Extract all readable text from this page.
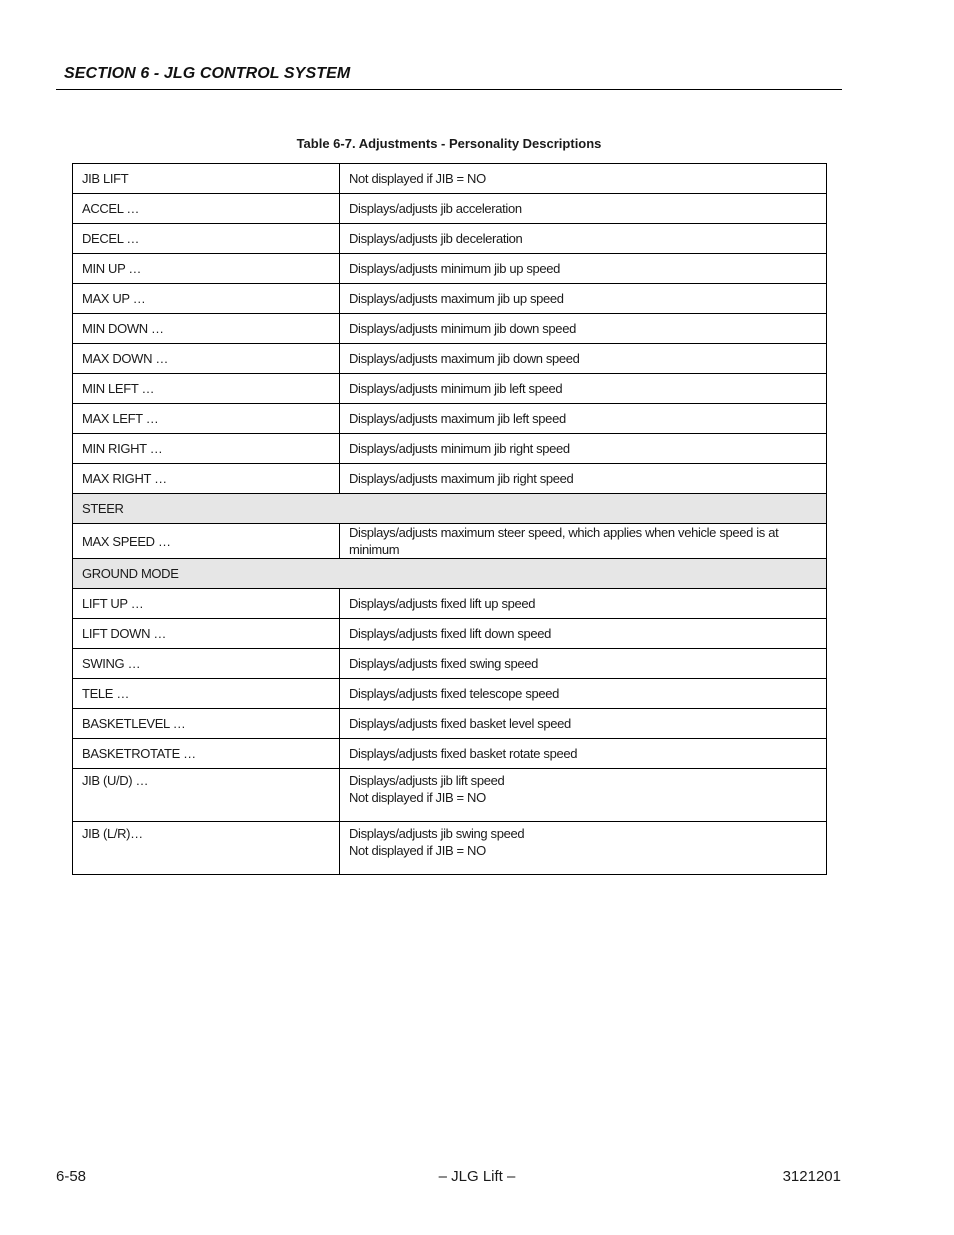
SECTION 6 - JLG CONTROL SYSTEM
Table 6-7. Adjustments - Personality Descriptions
JIB LIFT	Not displayed if JIB = NO

ACCEL …	Displays/adjusts jib acceleration

DECEL …	Displays/adjusts jib deceleration

MIN UP …	Displays/adjusts minimum jib up speed

MAX UP …	Displays/adjusts maximum jib up speed

MIN DOWN …	Displays/adjusts minimum jib down speed

MAX DOWN …	Displays/adjusts maximum jib down speed

MIN LEFT …	Displays/adjusts minimum jib left speed

MAX LEFT …	Displays/adjusts maximum jib left speed

MIN RIGHT …	Displays/adjusts minimum jib right speed

MAX RIGHT …	Displays/adjusts maximum jib right speed

STEER	
MAX SPEED …	Displays/adjusts maximum steer speed, which applies when vehicle speed is at minimum

GROUND MODE	
LIFT UP …	Displays/adjusts fixed lift up speed

LIFT DOWN …	Displays/adjusts fixed lift down speed

SWING …	Displays/adjusts fixed swing speed

TELE …	Displays/adjusts fixed telescope speed

BASKETLEVEL …	Displays/adjusts fixed basket level speed

BASKETROTATE …	Displays/adjusts fixed basket rotate speed

JIB (U/D) …	Displays/adjusts jib lift speed
Not displayed if JIB = NO

JIB (L/R)…	Displays/adjusts jib swing speed
Not displayed if JIB = NO
6-58	– JLG Lift –	3121201
